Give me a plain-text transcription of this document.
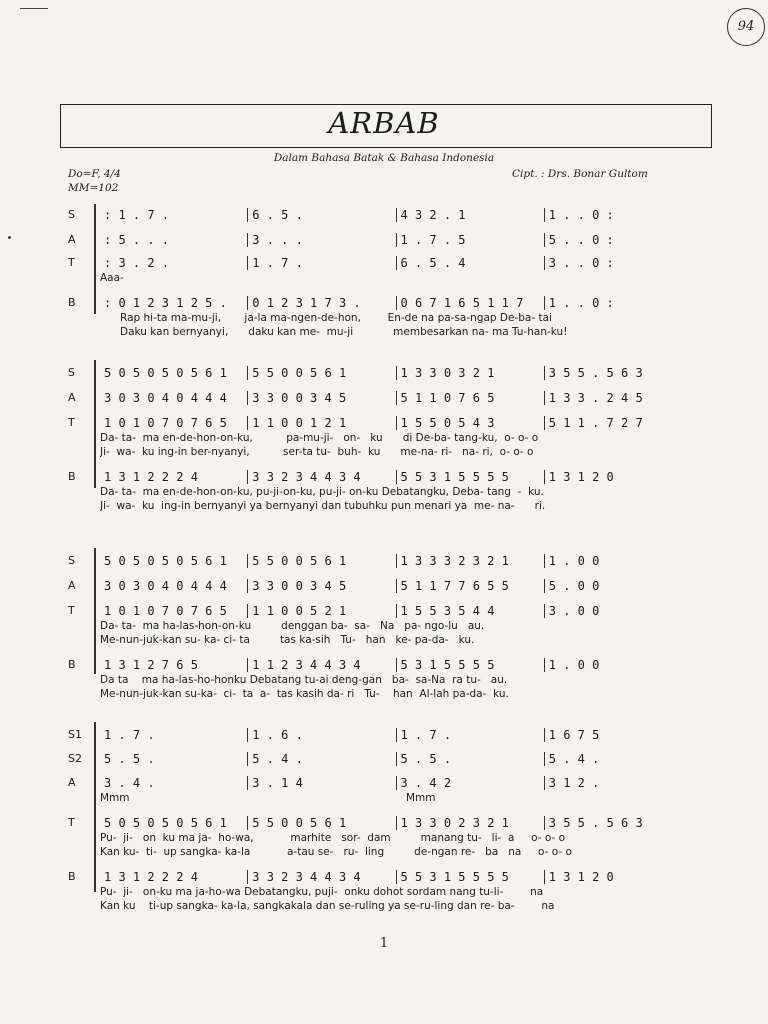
94
ARBAB
Dalam Bahasa Batak & Bahasa Indonesia
Cipt. : Drs. Bonar Gultom
Do=F, 4/4
MM=102
S	: 1 . 7 .	6 . 5 .	4 3 2 . 1	1 . . 0 :
A	: 5 . . .	3 . . .	1 . 7 . 5	5 . . 0 :
T	: 3 . 2 .	1 . 7 .	6 . 5 . 4	3 . . 0 :
Aaa-
B	: 0 1 2 3 1 2 5 .	0 1 2 3 1 7 3 .	0 6 7 1 6 5 1 1 7	1 . . 0 :
Rap hi-ta ma-mu-ji,       ja-la ma-ngen-de-hon,        En-de na pa-sa-ngap De-ba- tai
Daku kan bernyanyi,      daku kan me-  mu-ji            membesarkan na- ma Tu-han-ku!
S	5 0 5 0 5 0 5 6 1	5 5 0 0 5 6 1	1 3 3 0 3 2 1	3 5 5 . 5 6 3
A	3 0 3 0 4 0 4 4 4	3 3 0 0 3 4 5	5 1 1 0 7 6 5	1 3 3 . 2 4 5
T	1 0 1 0 7 0 7 6 5	1 1 0 0 1 2 1	1 5 5 0 5 4 3	5 1 1 . 7 2 7
Da- ta-  ma en-de-hon-on-ku,          pa-mu-ji-   on-   ku      di De-ba- tang-ku,  o- o- o
Ji-  wa-  ku ing-in ber-nyanyi,          ser-ta tu-  buh-  ku      me-na- ri-   na- ri,  o- o- o
B	1 3 1 2 2 2 4	3 3 2 3 4 4 3 4	5 5 3 1 5 5 5 5	1 3 1 2 0
Da- ta-  ma en-de-hon-on-ku, pu-ji-on-ku, pu-ji- on-ku Debatangku, Deba- tang  -  ku.
Ji-  wa-  ku  ing-in bernyanyi ya bernyanyi dan tubuhku pun menari ya  me- na-      ri.
S	5 0 5 0 5 0 5 6 1	5 5 0 0 5 6 1	1 3 3 3 2 3 2 1	1 . 0 0
A	3 0 3 0 4 0 4 4 4	3 3 0 0 3 4 5	5 1 1 7 7 6 5 5	5 . 0 0
T	1 0 1 0 7 0 7 6 5	1 1 0 0 5 2 1	1 5 5 3 5 4 4	3 . 0 0
Da- ta-  ma ha-las-hon-on-ku         denggan ba-  sa-   Na   pa- ngo-lu   au.
Me-nun-juk-kan su- ka- ci- ta         tas ka-sih   Tu-   han   ke- pa-da-   ku.
B	1 3 1 2 7 6 5	1 1 2 3 4 4 3 4	5 3 1 5 5 5 5	1 . 0 0
Da ta    ma ha-las-ho-honku Debatang tu-ai deng-gan   ba-  sa-Na  ra tu-   au.
Me-nun-juk-kan su-ka-  ci-  ta  a-  tas kasih da- ri   Tu-    han  Al-lah pa-da-  ku.
S1	1 . 7 .	1 . 6 .	1 . 7 .	1 6 7 5
S2	5 . 5 .	5 . 4 .	5 . 5 .	5 . 4 .
A	3 . 4 .	3 . 1 4	3 . 4 2	3 1 2 .
Mmm	Mmm
T	5 0 5 0 5 0 5 6 1	5 5 0 0 5 6 1	1 3 3 0 2 3 2 1	3 5 5 . 5 6 3
Pu-  ji-   on  ku ma ja-  ho-wa,           marhite   sor-  dam         manang tu-   li-  a     o- o- o
Kan ku-  ti-  up sangka- ka-la           a-tau se-   ru-  ling         de-ngan re-   ba   na     o- o- o
B	1 3 1 2 2 2 4	3 3 2 3 4 4 3 4	5 5 3 1 5 5 5 5	1 3 1 2 0
Pu-  ji-   on-ku ma ja-ho-wa Debatangku, puji-  onku dohot sordam nang tu-li-        na
Kan ku    ti-up sangka- ka-la, sangkakala dan se-ruling ya se-ru-ling dan re- ba-        na
1
